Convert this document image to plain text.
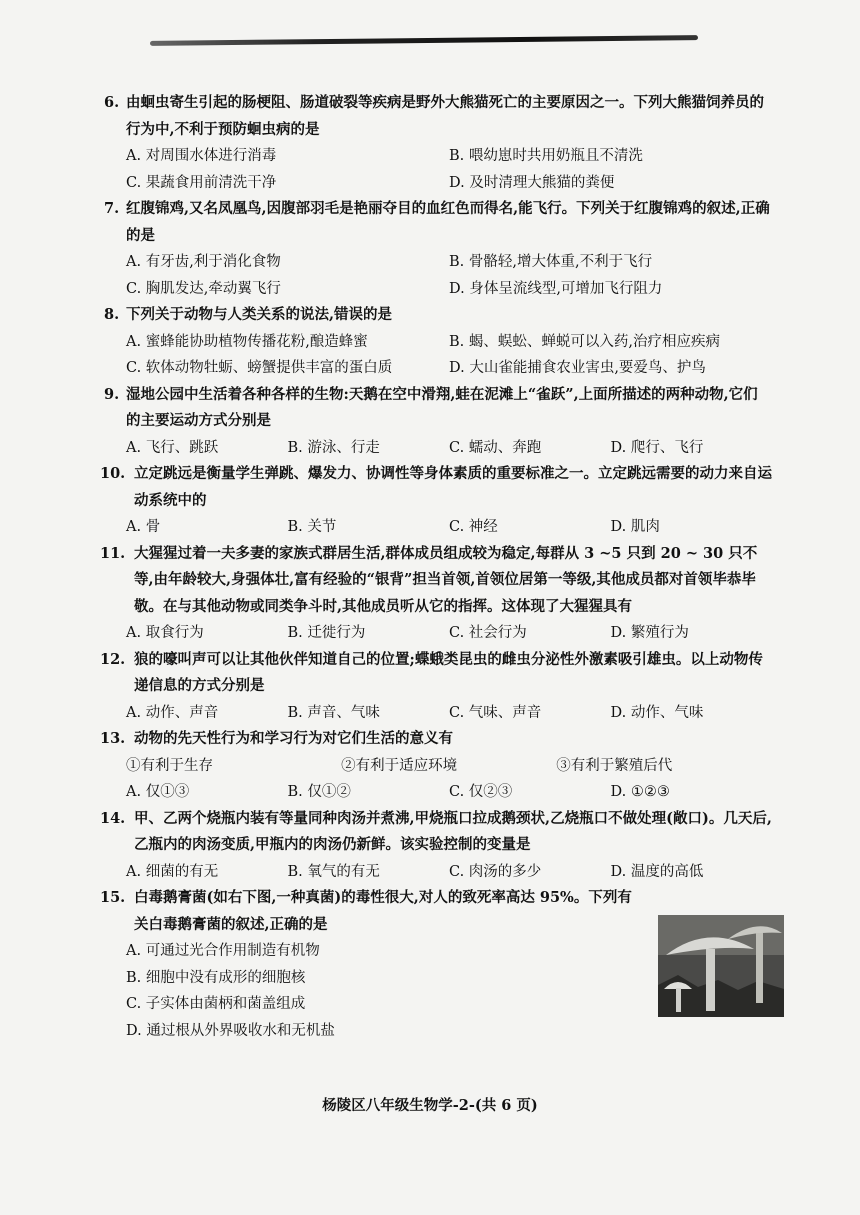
6. 由蛔虫寄生引起的肠梗阻、肠道破裂等疾病是野外大熊猫死亡的主要原因之一。下列大熊猫饲养员的行为中,不利于预防蛔虫病的是
A. 对周围水体进行消毒	B. 喂幼崽时共用奶瓶且不清洗
C. 果蔬食用前清洗干净	D. 及时清理大熊猫的粪便
7. 红腹锦鸡,又名凤凰鸟,因腹部羽毛是艳丽夺目的血红色而得名,能飞行。下列关于红腹锦鸡的叙述,正确的是
A. 有牙齿,利于消化食物	B. 骨骼轻,增大体重,不利于飞行
C. 胸肌发达,牵动翼飞行	D. 身体呈流线型,可增加飞行阻力
8. 下列关于动物与人类关系的说法,错误的是
A. 蜜蜂能协助植物传播花粉,酿造蜂蜜	B. 蝎、蜈蚣、蝉蜕可以入药,治疗相应疾病
C. 软体动物牡蛎、螃蟹提供丰富的蛋白质	D. 大山雀能捕食农业害虫,要爱鸟、护鸟
9. 湿地公园中生活着各种各样的生物:天鹅在空中滑翔,蛙在泥滩上“雀跃”,上面所描述的两种动物,它们的主要运动方式分别是
A. 飞行、跳跃	B. 游泳、行走	C. 蠕动、奔跑	D. 爬行、飞行
10. 立定跳远是衡量学生弹跳、爆发力、协调性等身体素质的重要标准之一。立定跳远需要的动力来自运动系统中的
A. 骨	B. 关节	C. 神经	D. 肌肉
11. 大猩猩过着一夫多妻的家族式群居生活,群体成员组成较为稳定,每群从 3 ~5 只到 20 ~ 30 只不等,由年龄较大,身强体壮,富有经验的“银背”担当首领,首领位居第一等级,其他成员都对首领毕恭毕敬。在与其他动物或同类争斗时,其他成员听从它的指挥。这体现了大猩猩具有
A. 取食行为	B. 迁徙行为	C. 社会行为	D. 繁殖行为
12. 狼的嚎叫声可以让其他伙伴知道自己的位置;蝶蛾类昆虫的雌虫分泌性外激素吸引雄虫。以上动物传递信息的方式分别是
A. 动作、声音	B. 声音、气味	C. 气味、声音	D. 动作、气味
13. 动物的先天性行为和学习行为对它们生活的意义有
①有利于生存	②有利于适应环境	③有利于繁殖后代
A. 仅①③	B. 仅①②	C. 仅②③	D. ①②③
14. 甲、乙两个烧瓶内装有等量同种肉汤并煮沸,甲烧瓶口拉成鹅颈状,乙烧瓶口不做处理(敞口)。几天后,乙瓶内的肉汤变质,甲瓶内的肉汤仍新鲜。该实验控制的变量是
A. 细菌的有无	B. 氧气的有无	C. 肉汤的多少	D. 温度的高低
15. 白毒鹅膏菌(如右下图,一种真菌)的毒性很大,对人的致死率高达 95%。下列有关白毒鹅膏菌的叙述,正确的是
A. 可通过光合作用制造有机物
B. 细胞中没有成形的细胞核
C. 子实体由菌柄和菌盖组成
D. 通过根从外界吸收水和无机盐
杨陵区八年级生物学-2-(共 6 页)
